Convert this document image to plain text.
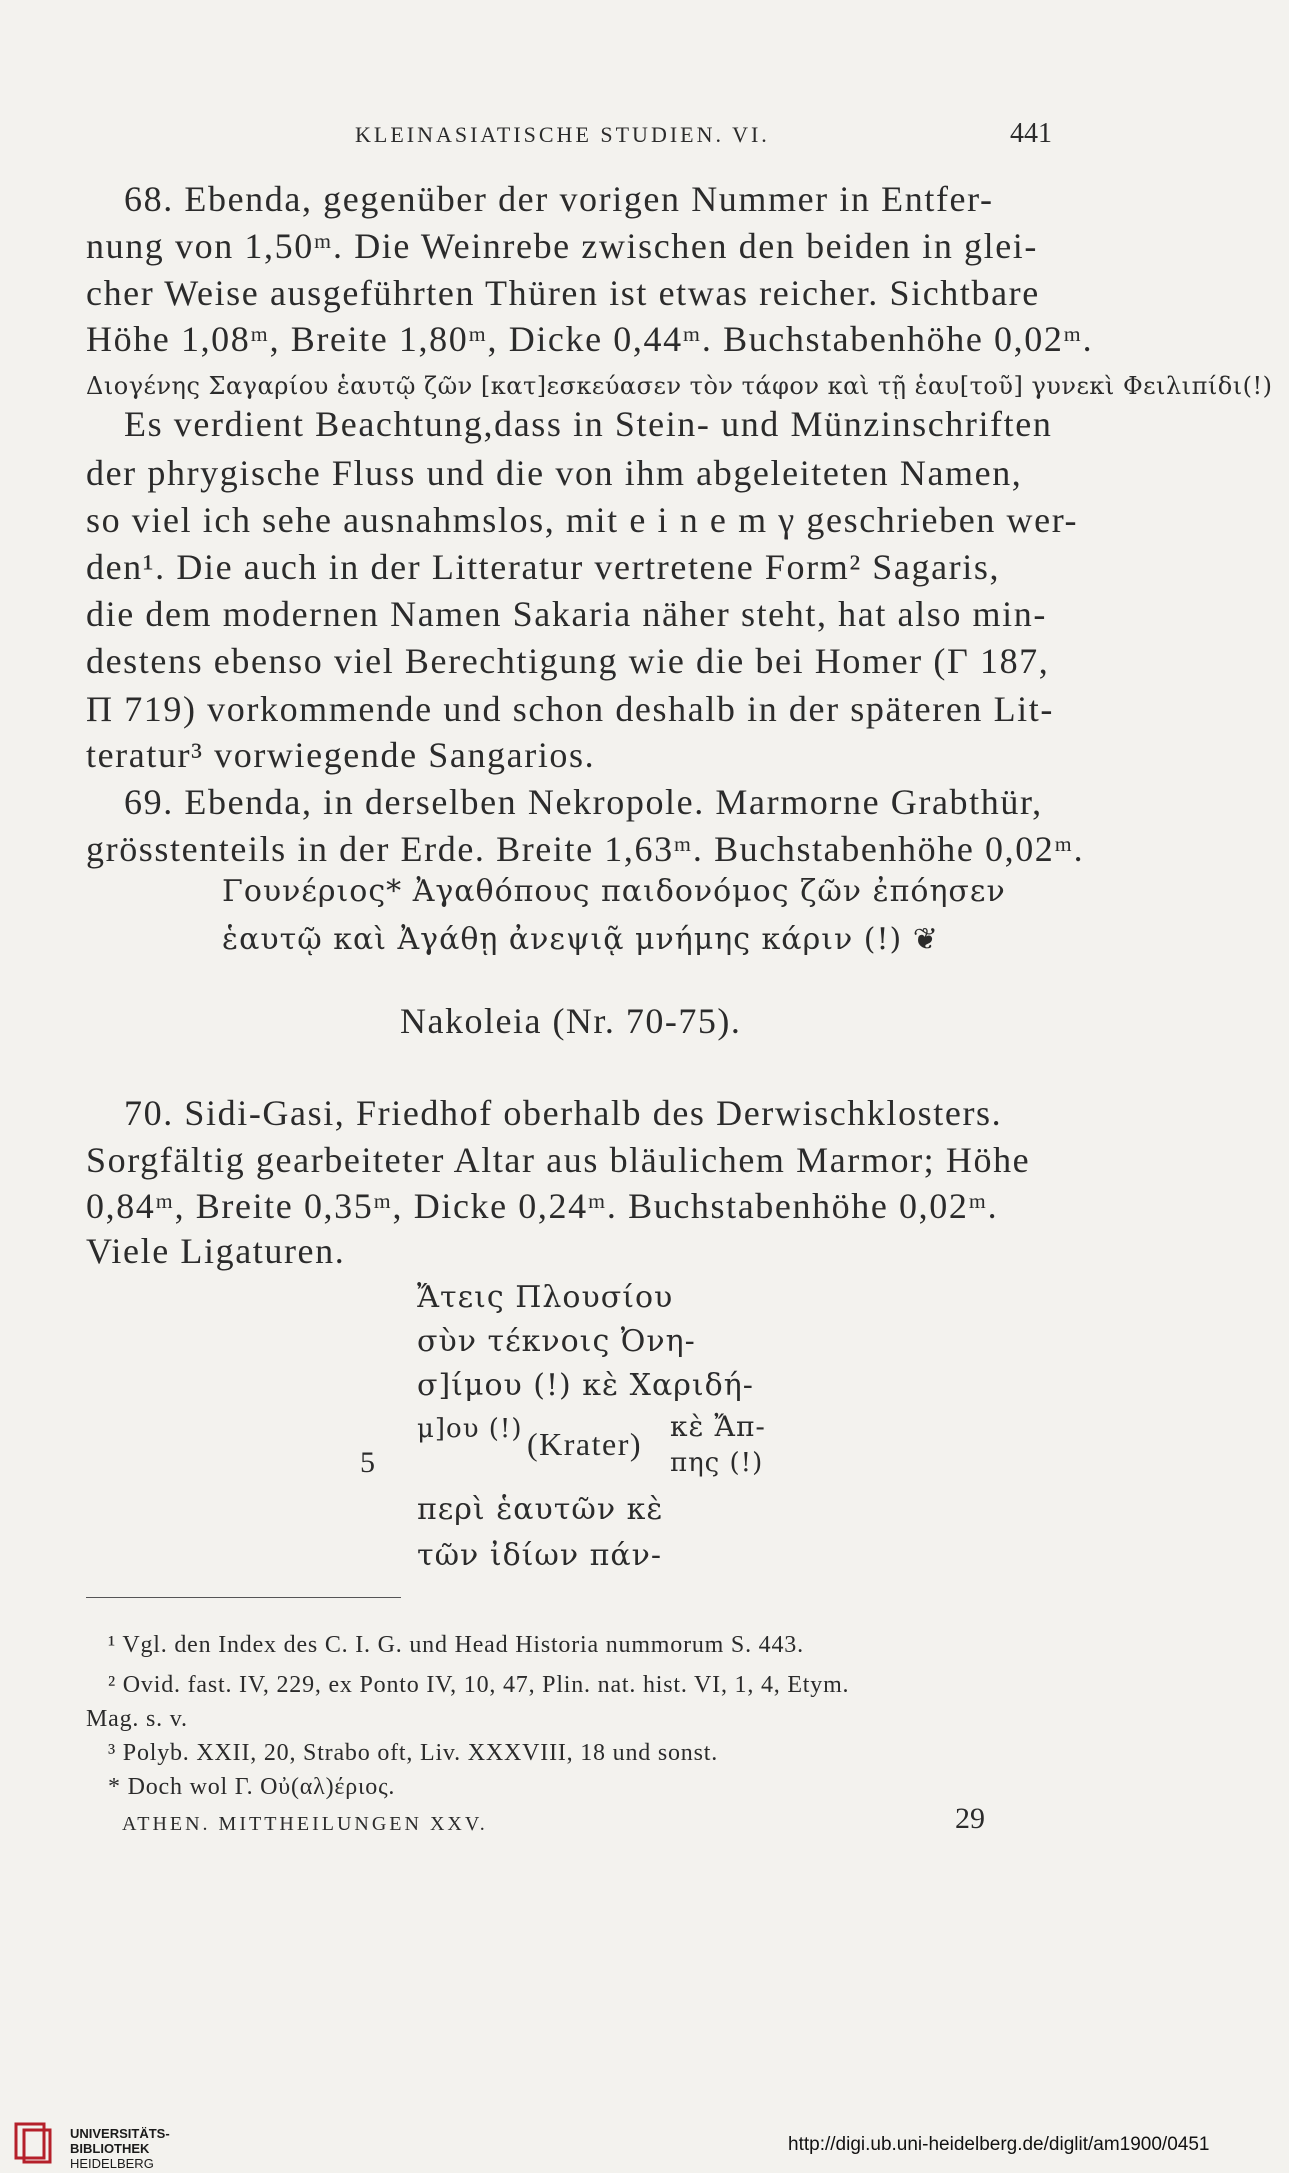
KLEINASIATISCHE STUDIEN. VI.	441
68. Ebenda, gegenüber der vorigen Nummer in Entfer-
nung von 1,50ᵐ. Die Weinrebe zwischen den beiden in glei-
cher Weise ausgeführten Thüren ist etwas reicher. Sichtbare
Höhe 1,08ᵐ, Breite 1,80ᵐ, Dicke 0,44ᵐ. Buchstabenhöhe 0,02ᵐ.
Διογένης Σαγαρίου ἑαυτῷ ζῶν [κατ]εσκεύασεν τὸν τάφον καὶ τῇ ἑαυ[τοῦ] γυνεκὶ Φειλιπίδι(!)
Es verdient Beachtung,dass in Stein- und Münzinschriften
der phrygische Fluss und die von ihm abgeleiteten Namen,
so viel ich sehe ausnahmslos, mit e i n e m γ geschrieben wer-
den¹. Die auch in der Litteratur vertretene Form² Sagaris,
die dem modernen Namen Sakaria näher steht, hat also min-
destens ebenso viel Berechtigung wie die bei Homer (Γ 187,
Π 719) vorkommende und schon deshalb in der späteren Lit-
teratur³ vorwiegende Sangarios.
69. Ebenda, in derselben Nekropole. Marmorne Grabthür,
grösstenteils in der Erde. Breite 1,63ᵐ. Buchstabenhöhe 0,02ᵐ.
Γουνέριος* Ἀγαθόπους παιδονόμος ζῶν ἐπόησεν
ἑαυτῷ καὶ Ἀγάθῃ ἀνεψιᾷ μνήμης κάριν (!) ❦
Nakoleia (Nr. 70-75).
70. Sidi-Gasi, Friedhof oberhalb des Derwischklosters.
Sorgfältig gearbeiteter Altar aus bläulichem Marmor; Höhe
0,84ᵐ, Breite 0,35ᵐ, Dicke 0,24ᵐ. Buchstabenhöhe 0,02ᵐ.
Viele Ligaturen.
Ἄτεις Πλουσίου
σὺν τέκνοις Ὀνη-
σ]ίμου (!) κὲ Χαριδή-
μ]ου (!) (Krater) κὲ Ἄπ-
πης (!)
5
περὶ ἑαυτῶν κὲ
τῶν ἰδίων πάν-
¹ Vgl. den Index des C. I. G. und Head Historia nummorum S. 443.
² Ovid. fast. IV, 229, ex Ponto IV, 10, 47, Plin. nat. hist. VI, 1, 4, Etym.
Mag. s. v.
³ Polyb. XXII, 20, Strabo oft, Liv. XXXVIII, 18 und sonst.
* Doch wol Γ. Οὐ(αλ)έριος.
ATHEN. MITTHEILUNGEN XXV.	29
UNIVERSITÄTS-
BIBLIOTHEK
HEIDELBERG
http://digi.ub.uni-heidelberg.de/diglit/am1900/0451
